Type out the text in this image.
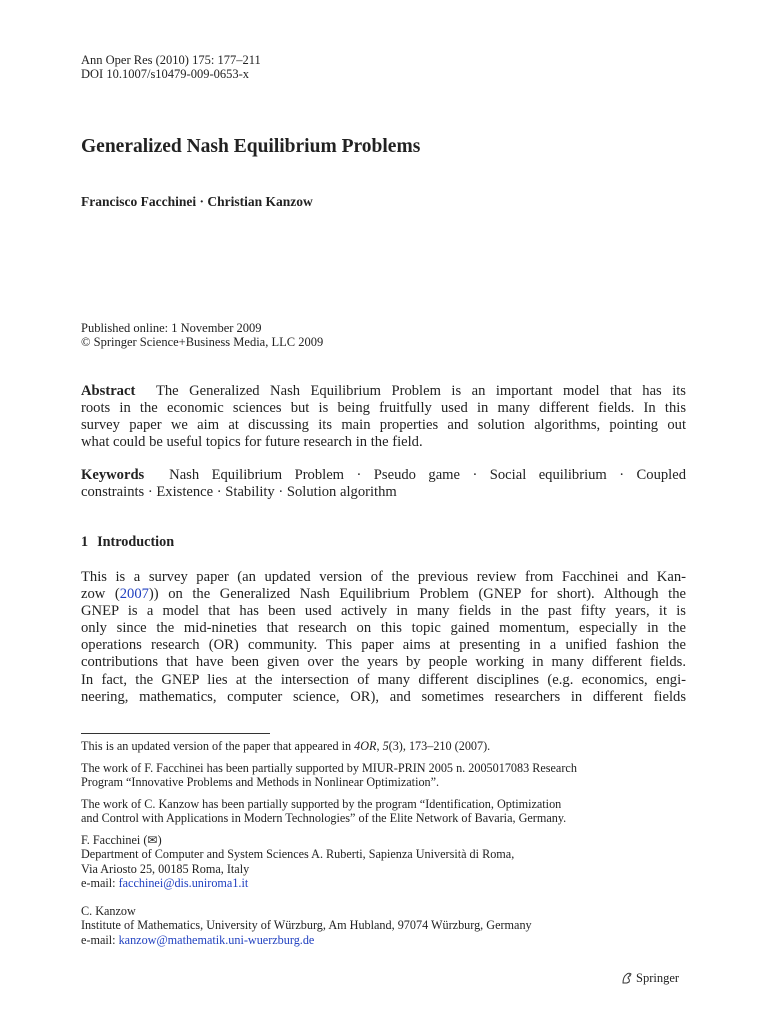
Ann Oper Res (2010) 175: 177–211
DOI 10.1007/s10479-009-0653-x
Generalized Nash Equilibrium Problems
Francisco Facchinei · Christian Kanzow
Published online: 1 November 2009
© Springer Science+Business Media, LLC 2009
Abstract The Generalized Nash Equilibrium Problem is an important model that has its
roots in the economic sciences but is being fruitfully used in many different fields. In this
survey paper we aim at discussing its main properties and solution algorithms, pointing out
what could be useful topics for future research in the field.
Keywords Nash Equilibrium Problem · Pseudo game · Social equilibrium · Coupled
constraints · Existence · Stability · Solution algorithm
1 Introduction
This is a survey paper (an updated version of the previous review from Facchinei and Kan-
zow (2007)) on the Generalized Nash Equilibrium Problem (GNEP for short). Although the
GNEP is a model that has been used actively in many fields in the past fifty years, it is
only since the mid-nineties that research on this topic gained momentum, especially in the
operations research (OR) community. This paper aims at presenting in a unified fashion the
contributions that have been given over the years by people working in many different fields.
In fact, the GNEP lies at the intersection of many different disciplines (e.g. economics, engi-
neering, mathematics, computer science, OR), and sometimes researchers in different fields
This is an updated version of the paper that appeared in 4OR, 5(3), 173–210 (2007).
The work of F. Facchinei has been partially supported by MIUR-PRIN 2005 n. 2005017083 Research
Program “Innovative Problems and Methods in Nonlinear Optimization”.
The work of C. Kanzow has been partially supported by the program “Identification, Optimization
and Control with Applications in Modern Technologies” of the Elite Network of Bavaria, Germany.
F. Facchinei (✉)
Department of Computer and System Sciences A. Ruberti, Sapienza Università di Roma,
Via Ariosto 25, 00185 Roma, Italy
e-mail: facchinei@dis.uniroma1.it
C. Kanzow
Institute of Mathematics, University of Würzburg, Am Hubland, 97074 Würzburg, Germany
e-mail: kanzow@mathematik.uni-wuerzburg.de
Springer
